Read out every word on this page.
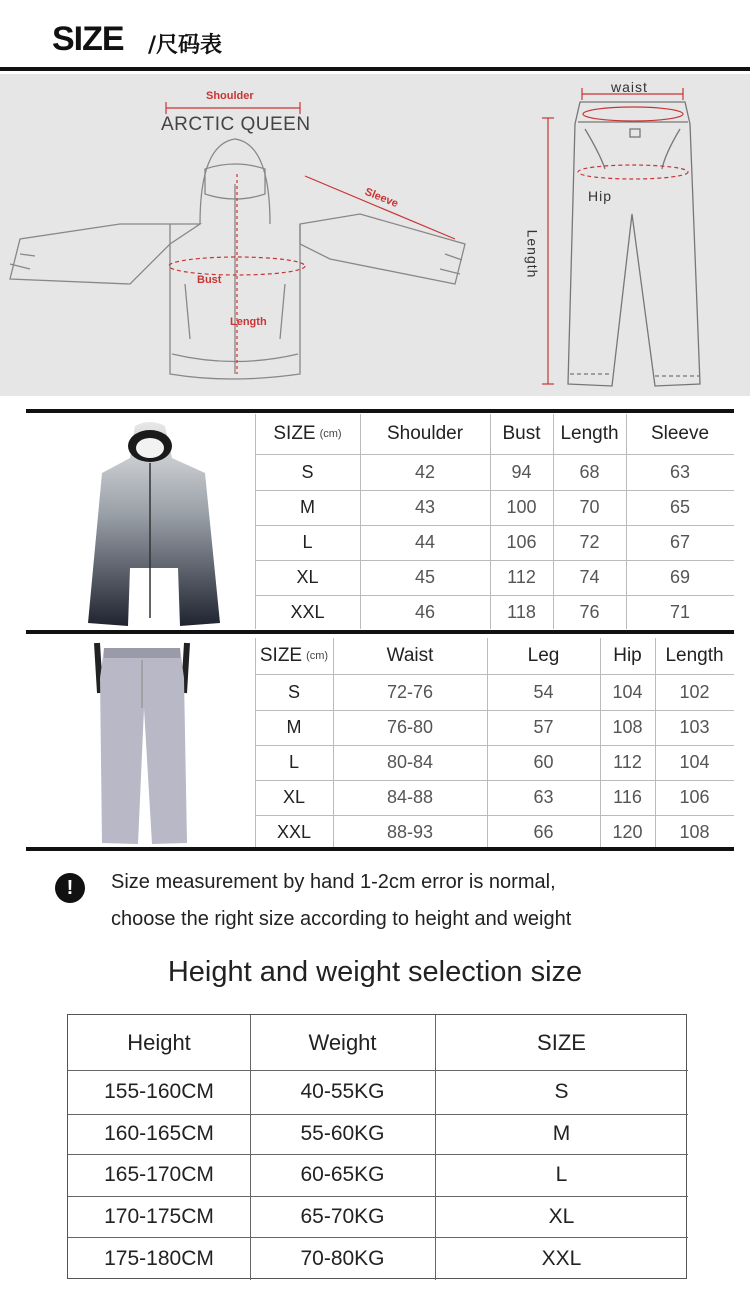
SIZE /尺码表
Shoulder
Sleeve
Bust
Length
waist
Hip
Length
ARCTIC QUEEN
SIZE (cm)	Shoulder	Bust	Length	Sleeve
S	42	94	68	63
M	43	100	70	65
L	44	106	72	67
XL	45	112	74	69
XXL	46	118	76	71
SIZE (cm)	Waist	Leg	Hip	Length
S	72-76	54	104	102
M	76-80	57	108	103
L	80-84	60	112	104
XL	84-88	63	116	106
XXL	88-93	66	120	108
!	Size measurement by hand 1-2cm error is normal,
choose the right size according to height and weight
Height and weight selection size
Height	Weight	SIZE
155-160CM	40-55KG	S
160-165CM	55-60KG	M
165-170CM	60-65KG	L
170-175CM	65-70KG	XL
175-180CM	70-80KG	XXL
